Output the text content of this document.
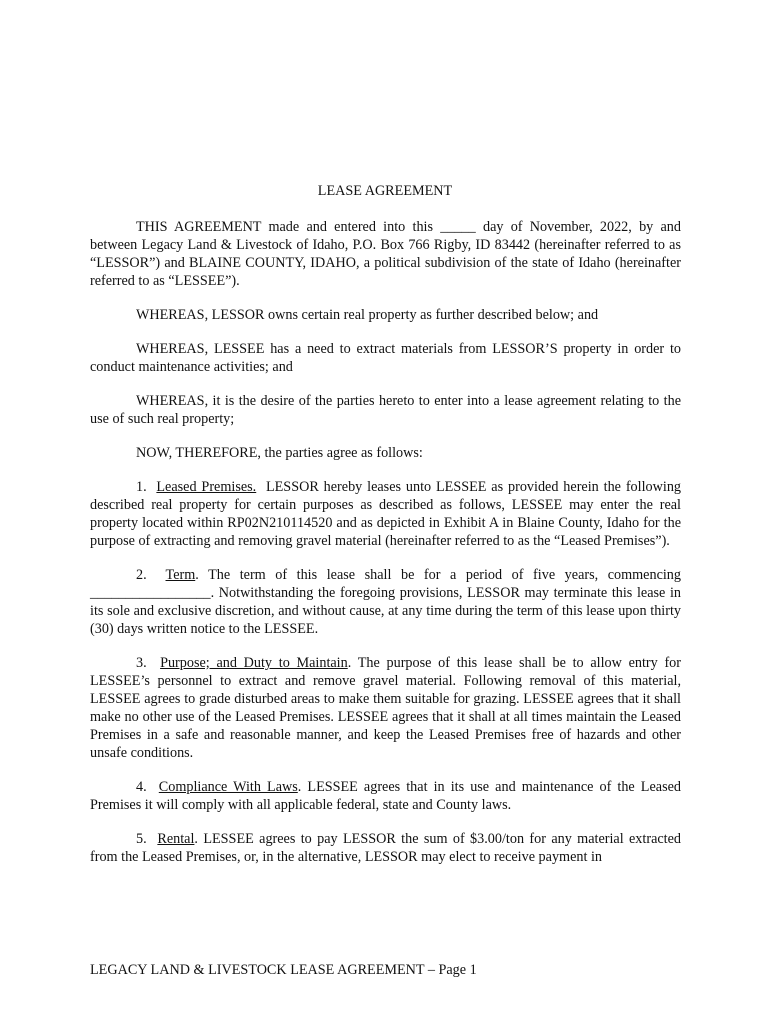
LEASE AGREEMENT

THIS AGREEMENT made and entered into this _____ day of November, 2022, by and between Legacy Land & Livestock of Idaho, P.O. Box 766 Rigby, ID 83442 (hereinafter referred to as “LESSOR”) and BLAINE COUNTY, IDAHO, a political subdivision of the state of Idaho (hereinafter referred to as “LESSEE”).

WHEREAS, LESSOR owns certain real property as further described below; and

WHEREAS, LESSEE has a need to extract materials from LESSOR’S property in order to conduct maintenance activities; and

WHEREAS, it is the desire of the parties hereto to enter into a lease agreement relating to the use of such real property;

NOW, THEREFORE, the parties agree as follows:

1. Leased Premises. LESSOR hereby leases unto LESSEE as provided herein the following described real property for certain purposes as described as follows, LESSEE may enter the real property located within RP02N210114520 and as depicted in Exhibit A in Blaine County, Idaho for the purpose of extracting and removing gravel material (hereinafter referred to as the “Leased Premises”).

2. Term. The term of this lease shall be for a period of five years, commencing _________________. Notwithstanding the foregoing provisions, LESSOR may terminate this lease in its sole and exclusive discretion, and without cause, at any time during the term of this lease upon thirty (30) days written notice to the LESSEE.

3. Purpose; and Duty to Maintain. The purpose of this lease shall be to allow entry for LESSEE’s personnel to extract and remove gravel material. Following removal of this material, LESSEE agrees to grade disturbed areas to make them suitable for grazing. LESSEE agrees that it shall make no other use of the Leased Premises. LESSEE agrees that it shall at all times maintain the Leased Premises in a safe and reasonable manner, and keep the Leased Premises free of hazards and other unsafe conditions.

4. Compliance With Laws. LESSEE agrees that in its use and maintenance of the Leased Premises it will comply with all applicable federal, state and County laws.

5. Rental. LESSEE agrees to pay LESSOR the sum of $3.00/ton for any material extracted from the Leased Premises, or, in the alternative, LESSOR may elect to receive payment in

LEGACY LAND & LIVESTOCK LEASE AGREEMENT – Page 1
